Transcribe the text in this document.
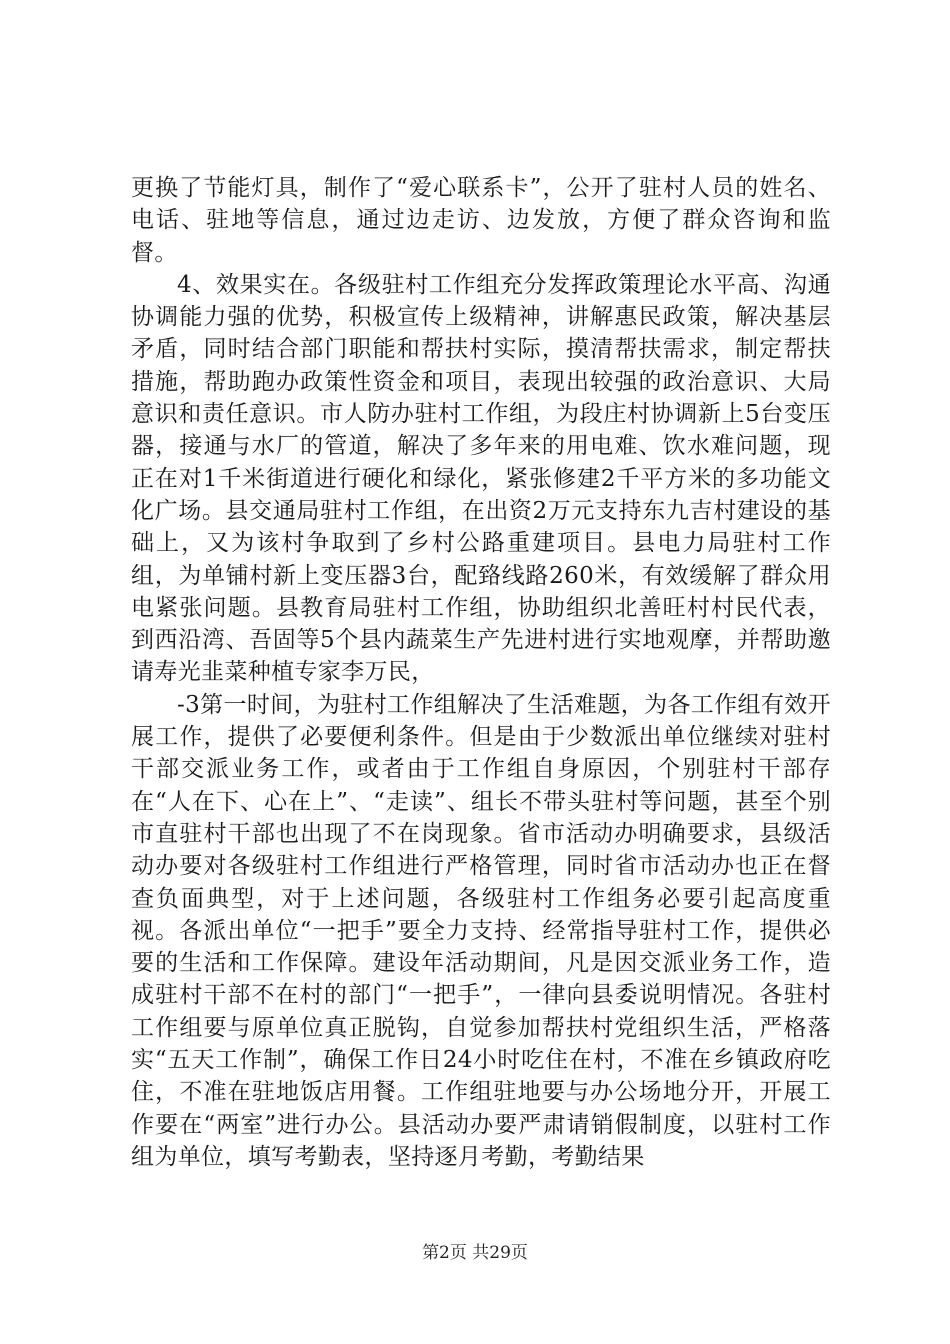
更换了节能灯具，制作了“爱心联系卡”，公开了驻村人员的姓名、电话、驻地等信息，通过边走访、边发放，方便了群众咨询和监督。

4、效果实在。各级驻村工作组充分发挥政策理论水平高、沟通协调能力强的优势，积极宣传上级精神，讲解惠民政策，解决基层矛盾，同时结合部门职能和帮扶村实际，摸清帮扶需求，制定帮扶措施，帮助跑办政策性资金和项目，表现出较强的政治意识、大局意识和责任意识。市人防办驻村工作组，为段庄村协调新上5台变压器，接通与水厂的管道，解决了多年来的用电难、饮水难问题，现正在对1千米街道进行硬化和绿化，紧张修建2千平方米的多功能文化广场。县交通局驻村工作组，在出资2万元支持东九吉村建设的基础上，又为该村争取到了乡村公路重建项目。县电力局驻村工作组，为单铺村新上变压器3台，配臵线路260米，有效缓解了群众用电紧张问题。县教育局驻村工作组，协助组织北善旺村村民代表，到西沿湾、吾固等5个县内蔬菜生产先进村进行实地观摩，并帮助邀请寿光韭菜种植专家李万民，

-3第一时间，为驻村工作组解决了生活难题，为各工作组有效开展工作，提供了必要便利条件。但是由于少数派出单位继续对驻村干部交派业务工作，或者由于工作组自身原因，个别驻村干部存在“人在下、心在上”、“走读”、组长不带头驻村等问题，甚至个别市直驻村干部也出现了不在岗现象。省市活动办明确要求，县级活动办要对各级驻村工作组进行严格管理，同时省市活动办也正在督查负面典型，对于上述问题，各级驻村工作组务必要引起高度重视。各派出单位“一把手”要全力支持、经常指导驻村工作，提供必要的生活和工作保障。建设年活动期间，凡是因交派业务工作，造成驻村干部不在村的部门“一把手”，一律向县委说明情况。各驻村工作组要与原单位真正脱钩，自觉参加帮扶村党组织生活，严格落实“五天工作制”，确保工作日24小时吃住在村，不准在乡镇政府吃住，不准在驻地饭店用餐。工作组驻地要与办公场地分开，开展工作要在“两室”进行办公。县活动办要严肃请销假制度，以驻村工作组为单位，填写考勤表，坚持逐月考勤，考勤结果

第2页 共29页
